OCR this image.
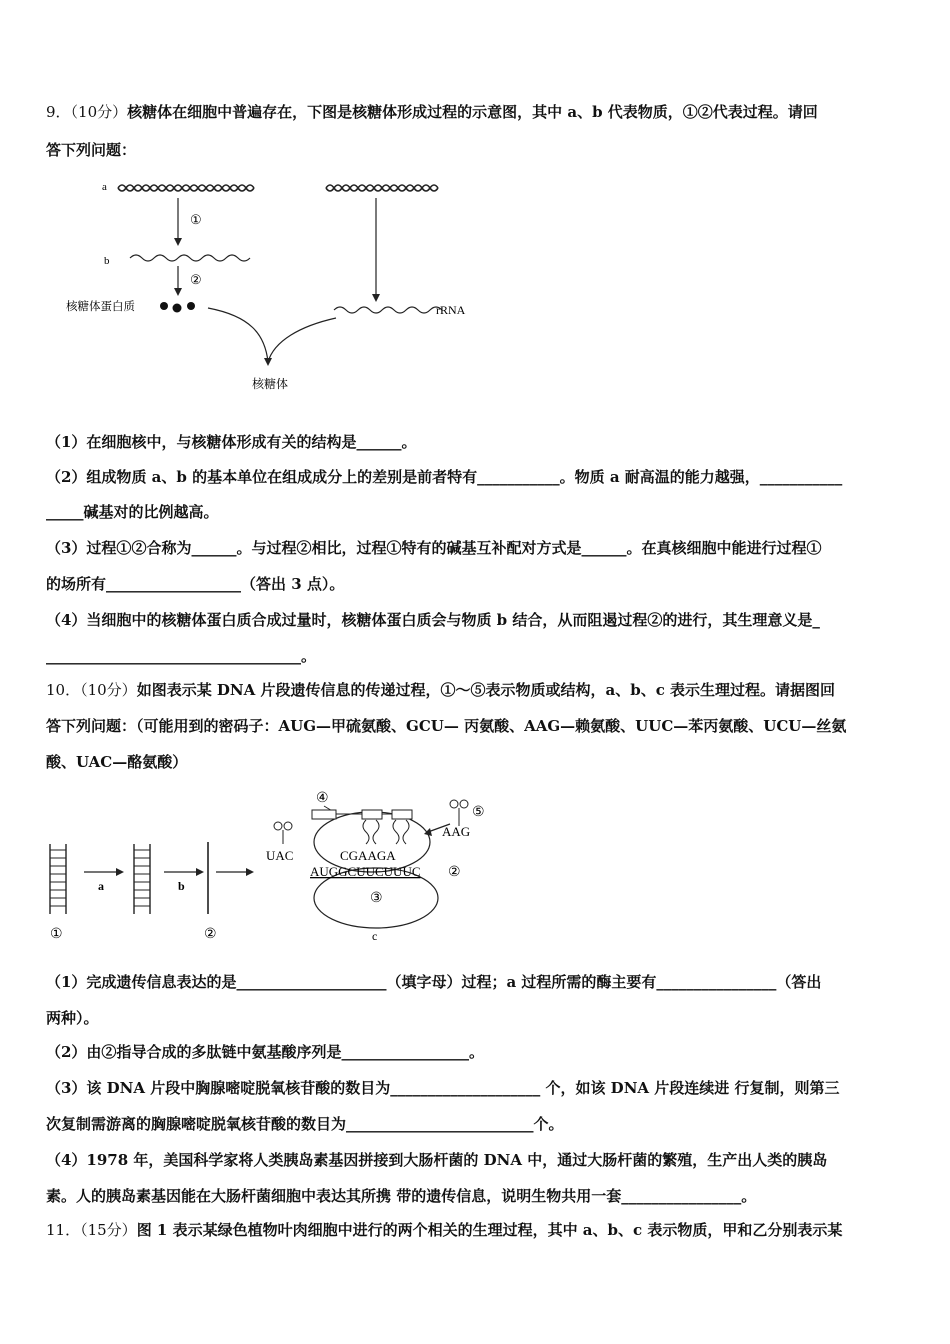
9．（10分）核糖体在细胞中普遍存在，下图是核糖体形成过程的示意图，其中 a、b 代表物质，①②代表过程。请回
答下列问题：
a
①
b
②
核糖体蛋白质	rRNA
核糖体
（1）在细胞核中，与核糖体形成有关的结构是______。
（2）组成物质 a、b 的基本单位在组成成分上的差别是前者特有___________。物质 a 耐高温的能力越强，___________
_____碱基对的比例越高。
（3）过程①②合称为______。与过程②相比，过程①特有的碱基互补配对方式是______。在真核细胞中能进行过程①
的场所有__________________（答出 3 点）。
（4）当细胞中的核糖体蛋白质合成过量时，核糖体蛋白质会与物质 b 结合，从而阻遏过程②的进行，其生理意义是_
__________________________________。
10．（10分）如图表示某 DNA 片段遗传信息的传递过程，①～⑤表示物质或结构，a、b、c 表示生理过程。请据图回
答下列问题：（可能用到的密码子：AUG—甲硫氨酸、GCU— 丙氨酸、AAG—赖氨酸、UUC—苯丙氨酸、UCU—丝氨
酸、UAC—酪氨酸）
①
a	b
②
③
④
⑤
AAG
UAC	CGAAGA
AUGGCUUCUUUC ②
c
（1）完成遗传信息表达的是____________________（填字母）过程；a 过程所需的酶主要有________________（答出
两种）。
（2）由②指导合成的多肽链中氨基酸序列是_________________。
（3）该 DNA 片段中胸腺嘧啶脱氧核苷酸的数目为____________________ 个，如该 DNA 片段连续进 行复制，则第三
次复制需游离的胸腺嘧啶脱氧核苷酸的数目为_________________________个。
（4）1978 年，美国科学家将人类胰岛素基因拼接到大肠杆菌的 DNA 中，通过大肠杆菌的繁殖，生产出人类的胰岛
素。人的胰岛素基因能在大肠杆菌细胞中表达其所携 带的遗传信息，说明生物共用一套________________。
11．（15分）图 1 表示某绿色植物叶肉细胞中进行的两个相关的生理过程，其中 a、b、c 表示物质，甲和乙分别表示某
